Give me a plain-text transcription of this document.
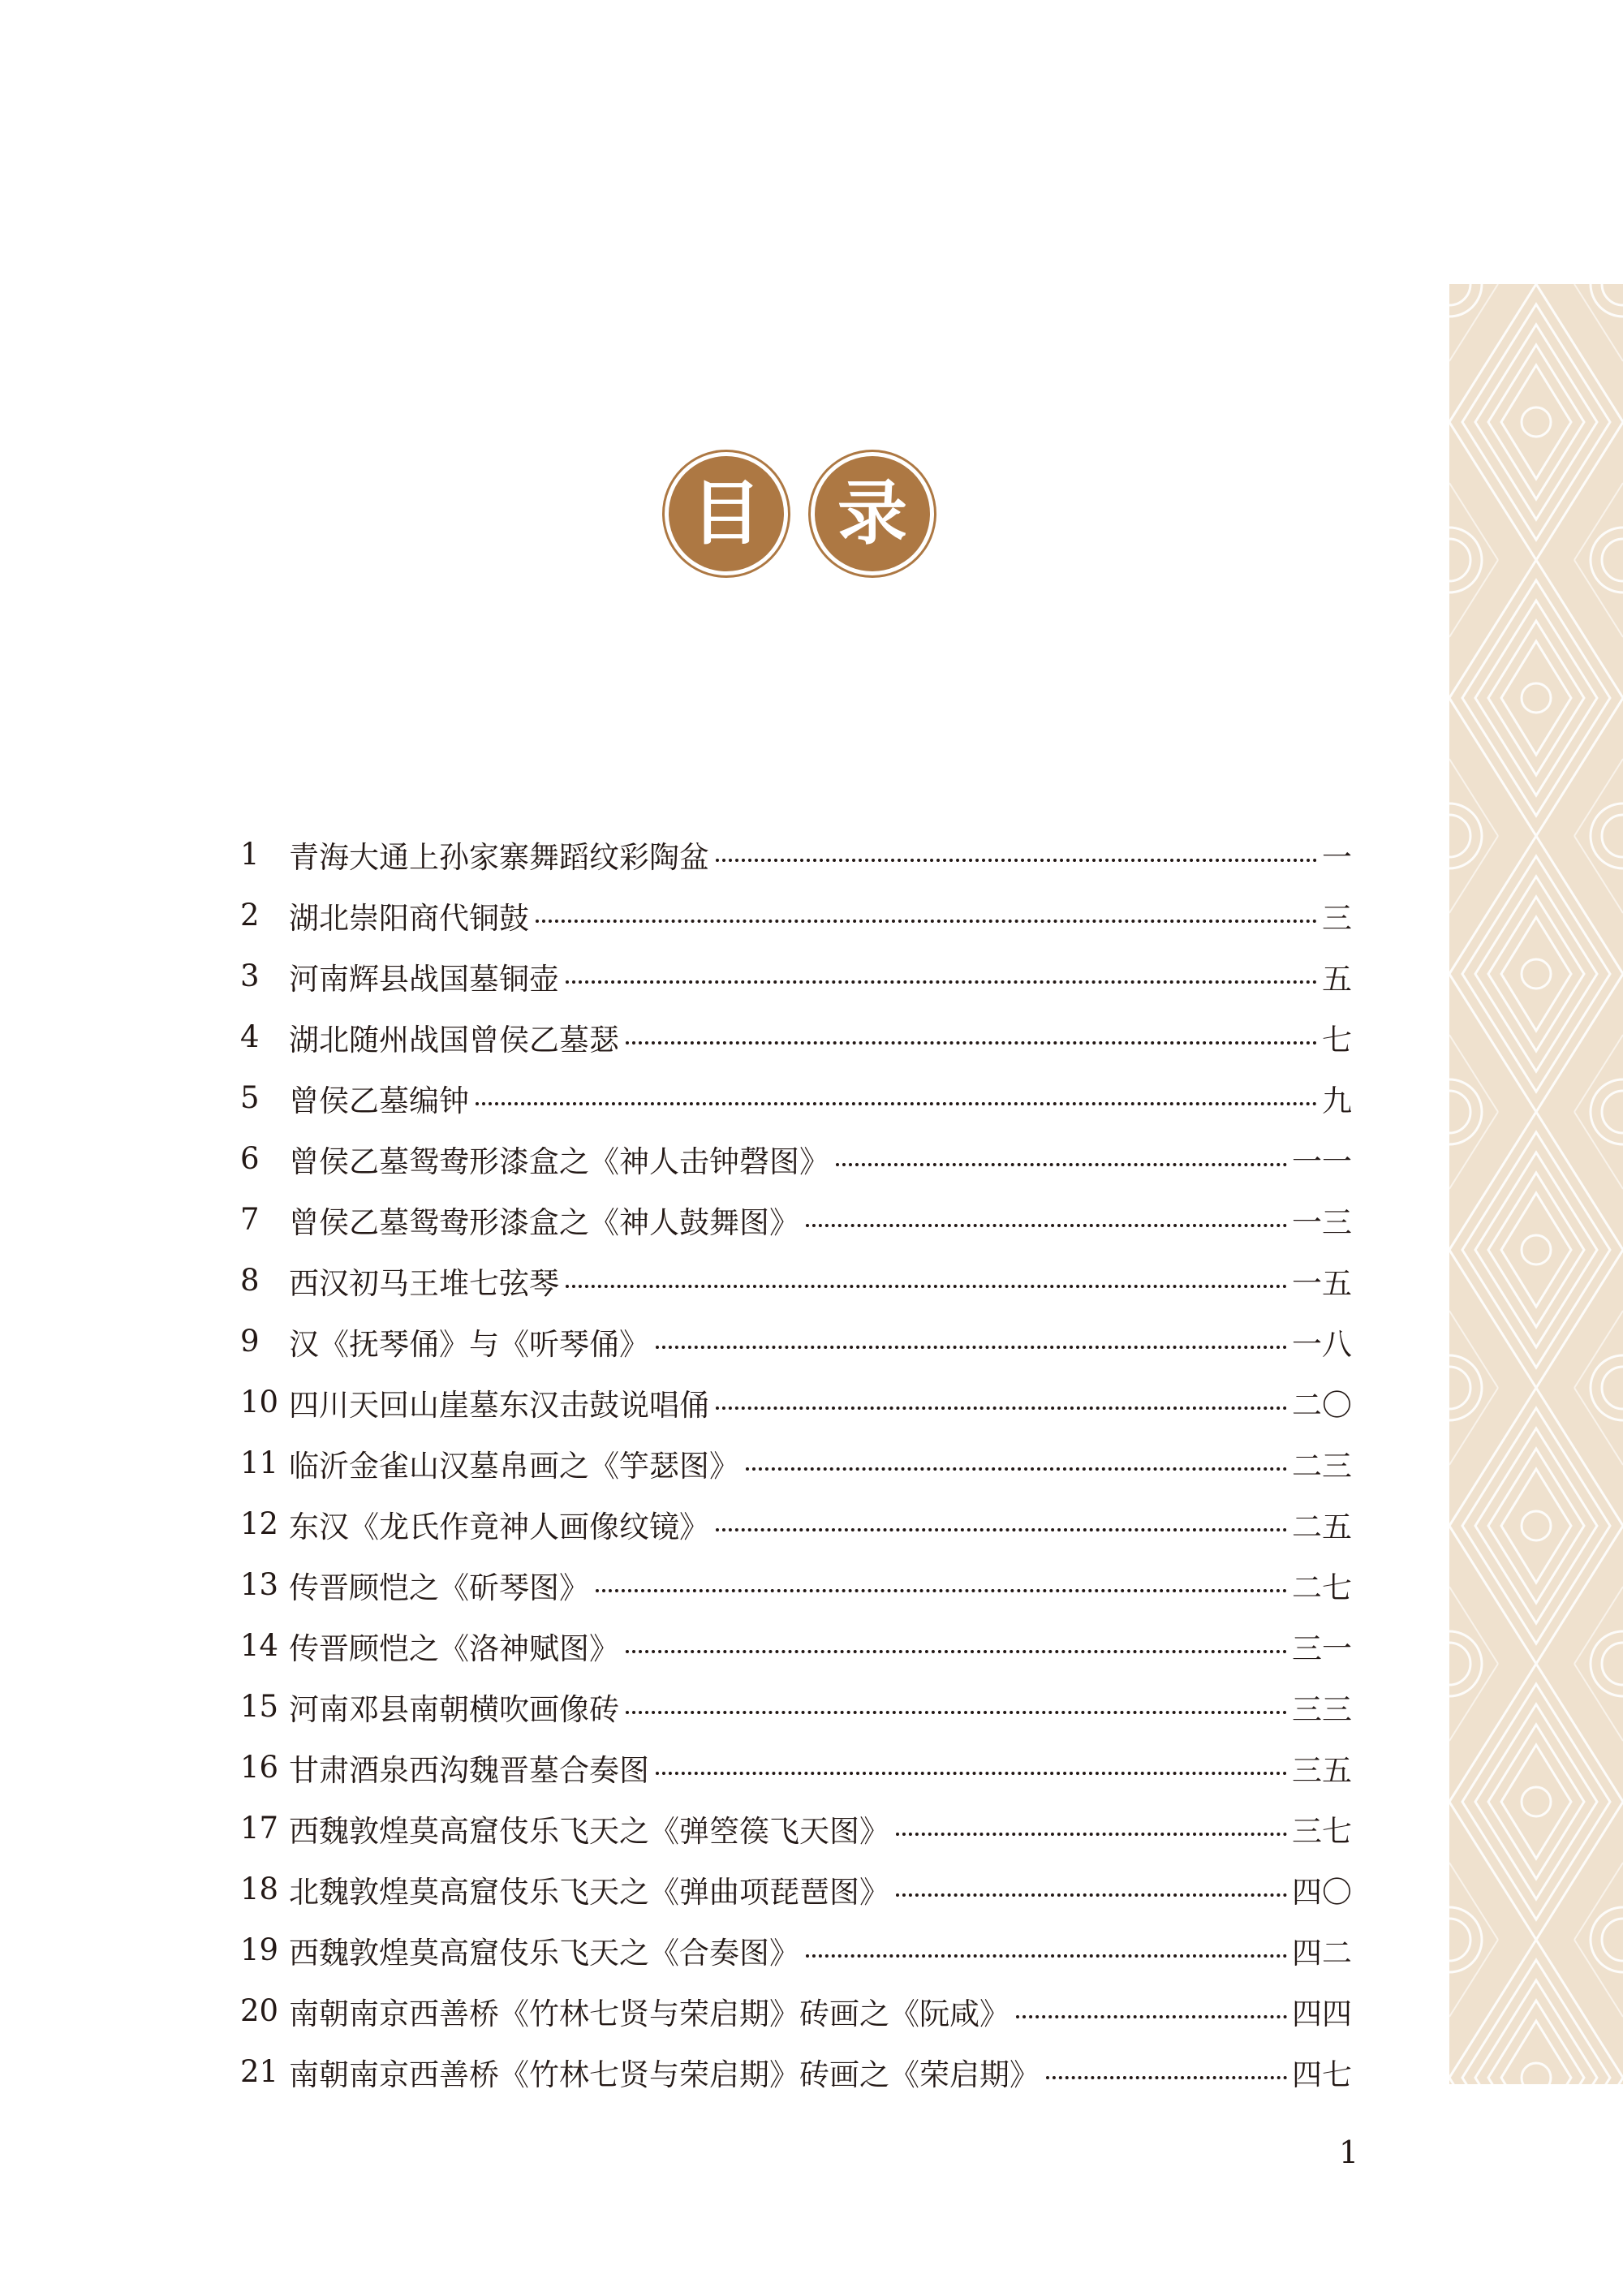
目	录
1 青海大通上孙家寨舞蹈纹彩陶盆	一
2 湖北崇阳商代铜鼓	三
3 河南辉县战国墓铜壶	五
4 湖北随州战国曾侯乙墓瑟	七
5 曾侯乙墓编钟	九
6 曾侯乙墓鸳鸯形漆盒之《神人击钟磬图》	一一
7 曾侯乙墓鸳鸯形漆盒之《神人鼓舞图》	一三
8 西汉初马王堆七弦琴	一五
9 汉《抚琴俑》与《听琴俑》	一八
10 四川天回山崖墓东汉击鼓说唱俑	二〇
11 临沂金雀山汉墓帛画之《竽瑟图》	二三
12 东汉《龙氏作竟神人画像纹镜》	二五
13 传晋顾恺之《斫琴图》	二七
14 传晋顾恺之《洛神赋图》	三一
15 河南邓县南朝横吹画像砖	三三
16 甘肃酒泉西沟魏晋墓合奏图	三五
17 西魏敦煌莫高窟伎乐飞天之《弹箜篌飞天图》	三七
18 北魏敦煌莫高窟伎乐飞天之《弹曲项琵琶图》	四〇
19 西魏敦煌莫高窟伎乐飞天之《合奏图》	四二
20 南朝南京西善桥《竹林七贤与荣启期》砖画之《阮咸》	四四
21 南朝南京西善桥《竹林七贤与荣启期》砖画之《荣启期》	四七
1
